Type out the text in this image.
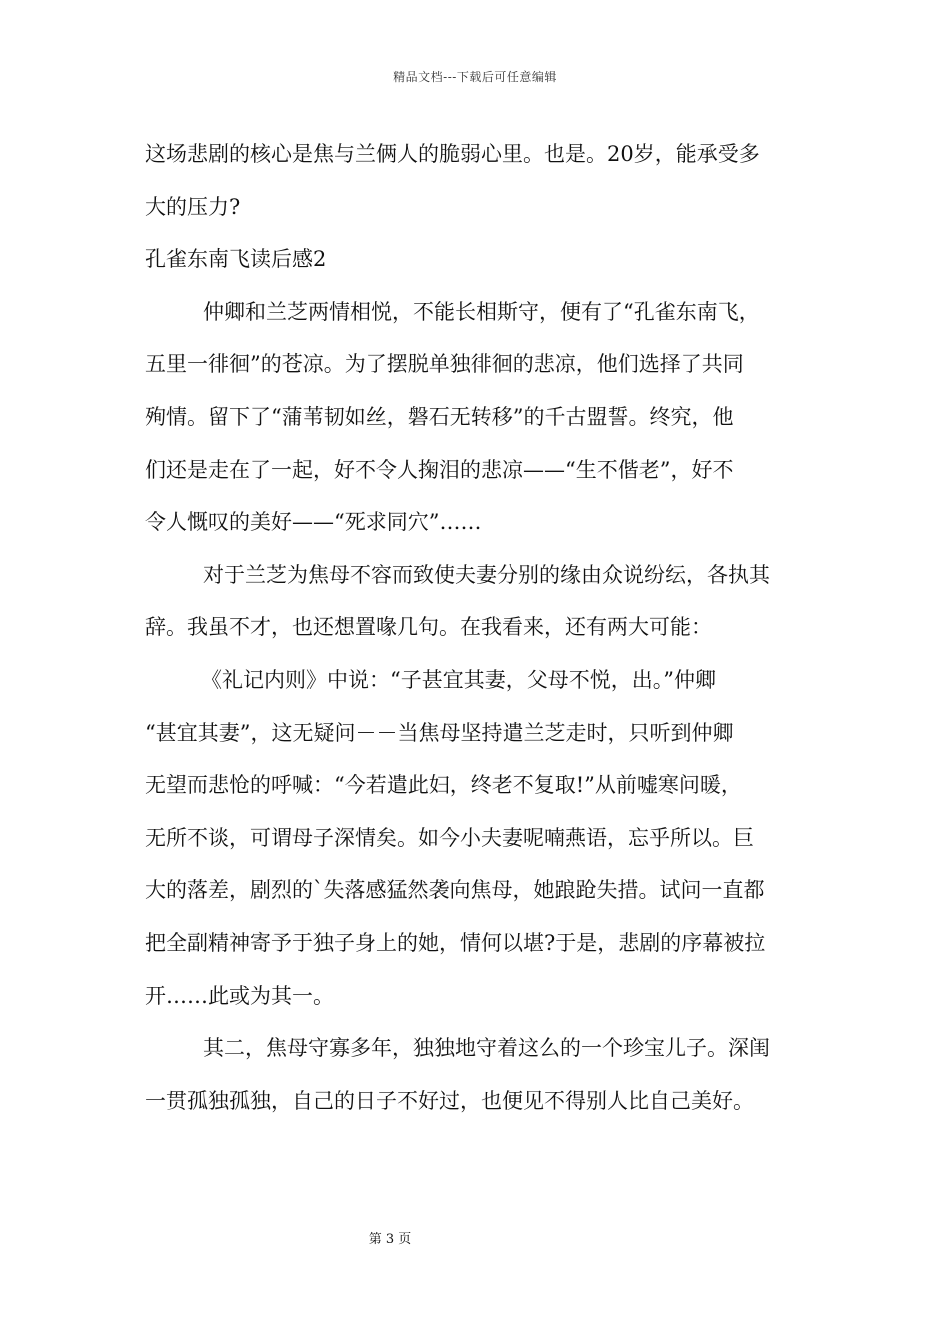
精品文档---下载后可任意编辑
这场悲剧的核心是焦与兰俩人的脆弱心里。也是。20岁，能承受多
大的压力?
孔雀东南飞读后感2
仲卿和兰芝两情相悦，不能长相斯守，便有了“孔雀东南飞，
五里一徘徊”的苍凉。为了摆脱单独徘徊的悲凉，他们选择了共同
殉情。留下了“蒲苇韧如丝，磐石无转移”的千古盟誓。终究，他
们还是走在了一起，好不令人掬泪的悲凉——“生不偕老”，好不
令人慨叹的美好——“死求同穴”……
对于兰芝为焦母不容而致使夫妻分别的缘由众说纷纭，各执其
辞。我虽不才，也还想置喙几句。在我看来，还有两大可能：
《礼记内则》中说：“子甚宜其妻，父母不悦，出。”仲卿
“甚宜其妻”，这无疑问－－当焦母坚持遣兰芝走时，只听到仲卿
无望而悲怆的呼喊：“今若遣此妇，终老不复取!”从前嘘寒问暖，
无所不谈，可谓母子深情矣。如今小夫妻呢喃燕语，忘乎所以。巨
大的落差，剧烈的`失落感猛然袭向焦母，她踉跄失措。试问一直都
把全副精神寄予于独子身上的她，情何以堪?于是，悲剧的序幕被拉
开……此或为其一。
其二，焦母守寡多年，独独地守着这么的一个珍宝儿子。深闺
一贯孤独孤独，自己的日子不好过，也便见不得别人比自己美好。
第 3 页
